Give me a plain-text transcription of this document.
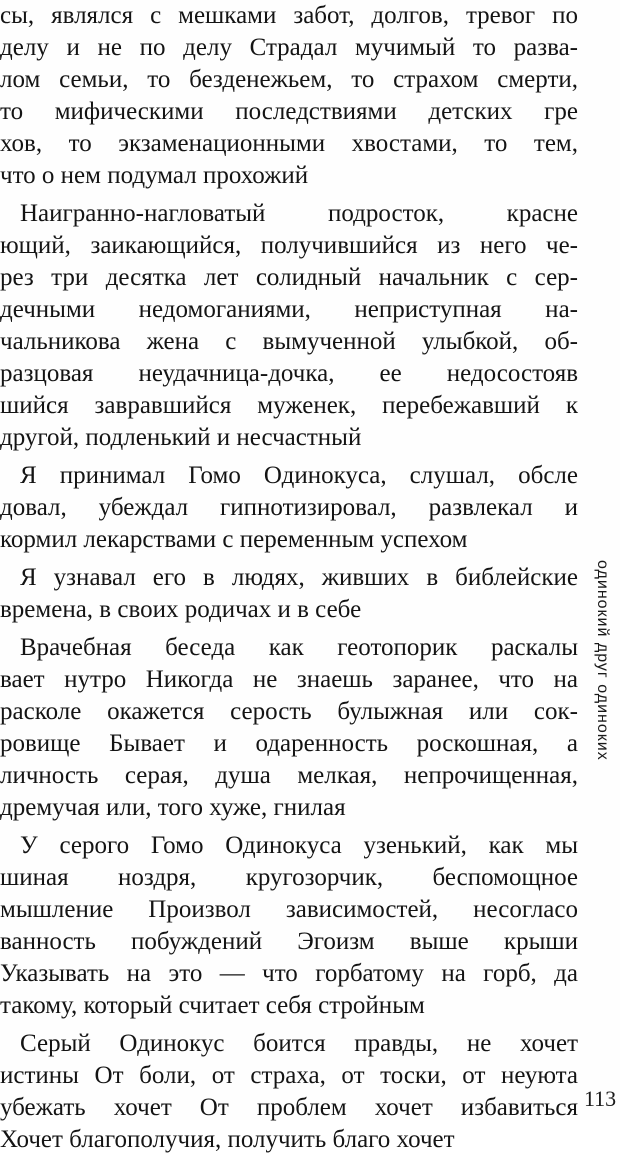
сы, являлся с мешками забот, долгов, тревог по
делу и не по делу Страдал мучимый то разва-
лом семьи, то безденежьем, то страхом смерти,
то мифическими последствиями детских гре
хов, то экзаменационными хвостами, то тем,
что о нем подумал прохожий
Наигранно-нагловатый подросток, красне
ющий, заикающийся, получившийся из него че-
рез три десятка лет солидный начальник с сер-
дечными недомоганиями, неприступная на-
чальникова жена с вымученной улыбкой, об-
разцовая неудачница-дочка, ее недосостояв
шийся завравшийся муженек, перебежавший к
другой, подленький и несчастный
Я принимал Гомо Одинокуса, слушал, обсле
довал, убеждал гипнотизировал, развлекал и
кормил лекарствами с переменным успехом
Я узнавал его в людях, живших в библейские
времена, в своих родичах и в себе
Врачебная беседа как геотопорик раскалы
вает нутро Никогда не знаешь заранее, что на
расколе окажется серость булыжная или сок-
ровище Бывает и одаренность роскошная, а
личность серая, душа мелкая, непрочищенная,
дремучая или, того хуже, гнилая
У серого Гомо Одинокуса узенький, как мы
шиная ноздря, кругозорчик, беспомощное
мышление Произвол зависимостей, несогласо
ванность побуждений Эгоизм выше крыши
Указывать на это — что горбатому на горб, да
такому, который считает себя стройным
Серый Одинокус боится правды, не хочет
истины От боли, от страха, от тоски, от неуюта
убежать хочет От проблем хочет избавиться
Хочет благополучия, получить благо хочет
одинокий друг одиноких
113
